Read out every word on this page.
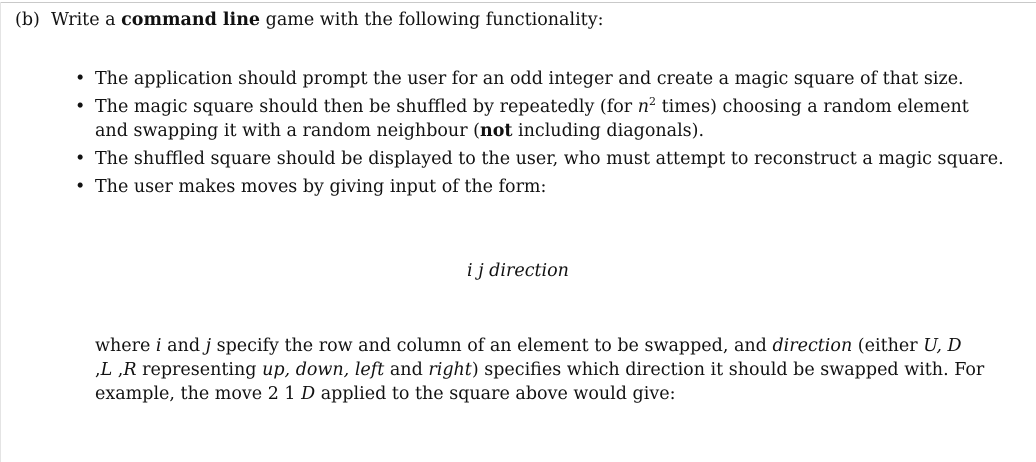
(b) Write a command line game with the following functionality:
• The application should prompt the user for an odd integer and create a magic square of that size.
• The magic square should then be shuffled by repeatedly (for $n^2$ times) choosing a random element and swapping it with a random neighbour (not including diagonals).
• The shuffled square should be displayed to the user, who must attempt to reconstruct a magic square.
• The user makes moves by giving input of the form:
i j direction
where i and j specify the row and column of an element to be swapped, and direction (either U, D
,L ,R representing up, down, left and right) specifies which direction it should be swapped with. For example, the move 2 1 D applied to the square above would give:
